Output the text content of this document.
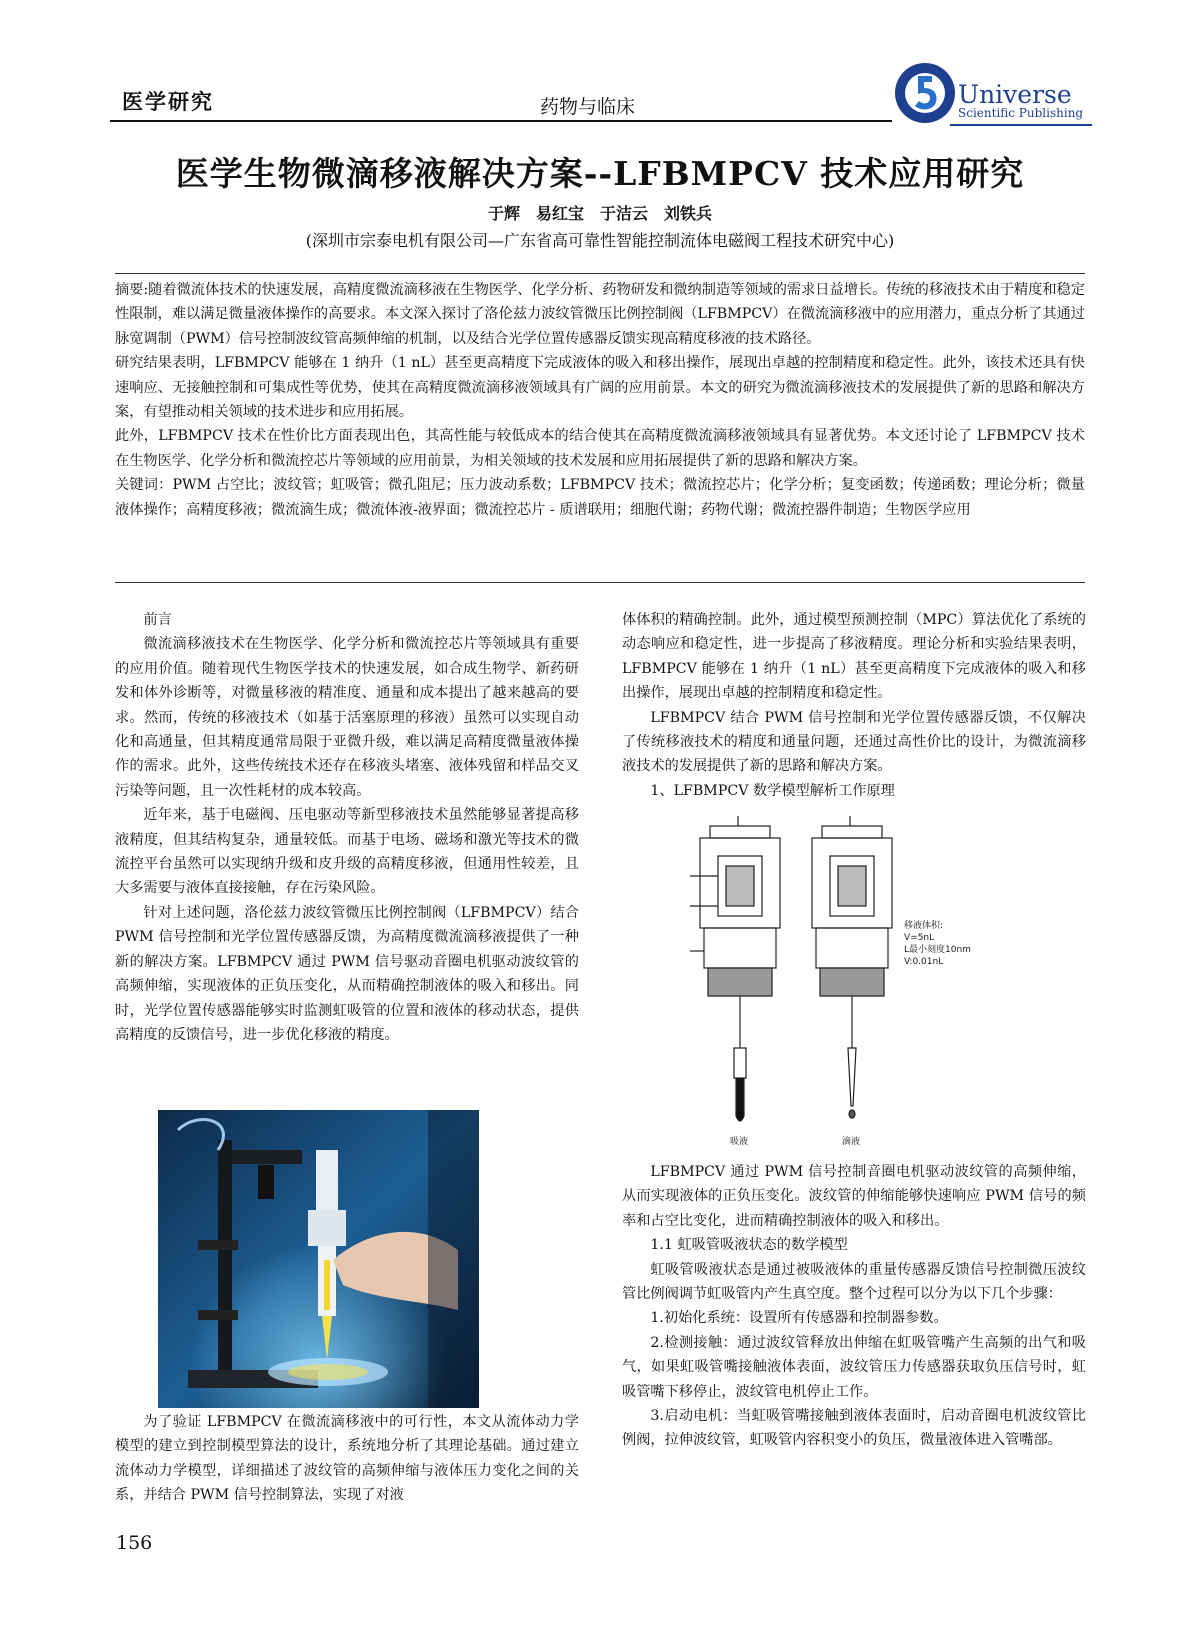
医学研究	药物与临床	Universe
Scientific Publishing
医学生物微滴移液解决方案--LFBMPCV 技术应用研究
于辉　易红宝　于洁云　刘铁兵
(深圳市宗泰电机有限公司—广东省高可靠性智能控制流体电磁阀工程技术研究中心)

摘要:随着微流体技术的快速发展，高精度微流滴移液在生物医学、化学分析、药物研发和微纳制造等领域的需求日益增长。传统的移液技术由于精度和稳定性限制，难以满足微量液体操作的高要求。本文深入探讨了洛伦兹力波纹管微压比例控制阀（LFBMPCV）在微流滴移液中的应用潜力，重点分析了其通过脉宽调制（PWM）信号控制波纹管高频伸缩的机制，以及结合光学位置传感器反馈实现高精度移液的技术路径。

研究结果表明，LFBMPCV 能够在 1 纳升（1 nL）甚至更高精度下完成液体的吸入和移出操作，展现出卓越的控制精度和稳定性。此外，该技术还具有快速响应、无接触控制和可集成性等优势，使其在高精度微流滴移液领域具有广阔的应用前景。本文的研究为微流滴移液技术的发展提供了新的思路和解决方案，有望推动相关领域的技术进步和应用拓展。

此外，LFBMPCV 技术在性价比方面表现出色，其高性能与较低成本的结合使其在高精度微流滴移液领域具有显著优势。本文还讨论了 LFBMPCV 技术在生物医学、化学分析和微流控芯片等领域的应用前景，为相关领域的技术发展和应用拓展提供了新的思路和解决方案。

关键词：PWM 占空比；波纹管；虹吸管；微孔阻尼；压力波动系数；LFBMPCV 技术；微流控芯片；化学分析；复变函数；传递函数；理论分析；微量液体操作；高精度移液；微流滴生成；微流体液-液界面；微流控芯片 - 质谱联用；细胞代谢；药物代谢；微流控器件制造；生物医学应用

前言

微流滴移液技术在生物医学、化学分析和微流控芯片等领域具有重要的应用价值。随着现代生物医学技术的快速发展，如合成生物学、新药研发和体外诊断等，对微量移液的精准度、通量和成本提出了越来越高的要求。然而，传统的移液技术（如基于活塞原理的移液）虽然可以实现自动化和高通量，但其精度通常局限于亚微升级，难以满足高精度微量液体操作的需求。此外，这些传统技术还存在移液头堵塞、液体残留和样品交叉污染等问题，且一次性耗材的成本较高。

近年来，基于电磁阀、压电驱动等新型移液技术虽然能够显著提高移液精度，但其结构复杂，通量较低。而基于电场、磁场和激光等技术的微流控平台虽然可以实现纳升级和皮升级的高精度移液，但通用性较差，且大多需要与液体直接接触，存在污染风险。

针对上述问题，洛伦兹力波纹管微压比例控制阀（LFBMPCV）结合 PWM 信号控制和光学位置传感器反馈，为高精度微流滴移液提供了一种新的解决方案。LFBMPCV 通过 PWM 信号驱动音圈电机驱动波纹管的高频伸缩，实现液体的正负压变化，从而精确控制液体的吸入和移出。同时，光学位置传感器能够实时监测虹吸管的位置和液体的移动状态，提供高精度的反馈信号，进一步优化移液的精度。

为了验证 LFBMPCV 在微流滴移液中的可行性，本文从流体动力学模型的建立到控制模型算法的设计，系统地分析了其理论基础。通过建立流体动力学模型，详细描述了波纹管的高频伸缩与液体压力变化之间的关系，并结合 PWM 信号控制算法，实现了对液

体体积的精确控制。此外，通过模型预测控制（MPC）算法优化了系统的动态响应和稳定性，进一步提高了移液精度。理论分析和实验结果表明，LFBMPCV 能够在 1 纳升（1 nL）甚至更高精度下完成液体的吸入和移出操作，展现出卓越的控制精度和稳定性。

LFBMPCV 结合 PWM 信号控制和光学位置传感器反馈，不仅解决了传统移液技术的精度和通量问题，还通过高性价比的设计，为微流滴移液技术的发展提供了新的思路和解决方案。

1、LFBMPCV 数学模型解析工作原理

移液体积:
V=5nL
L最小刻度10nm
V:0.01nL
吸液	滴液

LFBMPCV 通过 PWM 信号控制音圈电机驱动波纹管的高频伸缩，从而实现液体的正负压变化。波纹管的伸缩能够快速响应 PWM 信号的频率和占空比变化，进而精确控制液体的吸入和移出。

1.1 虹吸管吸液状态的数学模型

虹吸管吸液状态是通过被吸液体的重量传感器反馈信号控制微压波纹管比例阀调节虹吸管内产生真空度。整个过程可以分为以下几个步骤：

1.初始化系统：设置所有传感器和控制器参数。

2.检测接触：通过波纹管释放出伸缩在虹吸管嘴产生高频的出气和吸气，如果虹吸管嘴接触液体表面，波纹管压力传感器获取负压信号时，虹吸管嘴下移停止，波纹管电机停止工作。

3.启动电机：当虹吸管嘴接触到液体表面时，启动音圈电机波纹管比例阀，拉伸波纹管，虹吸管内容积变小的负压，微量液体进入管嘴部。

156
